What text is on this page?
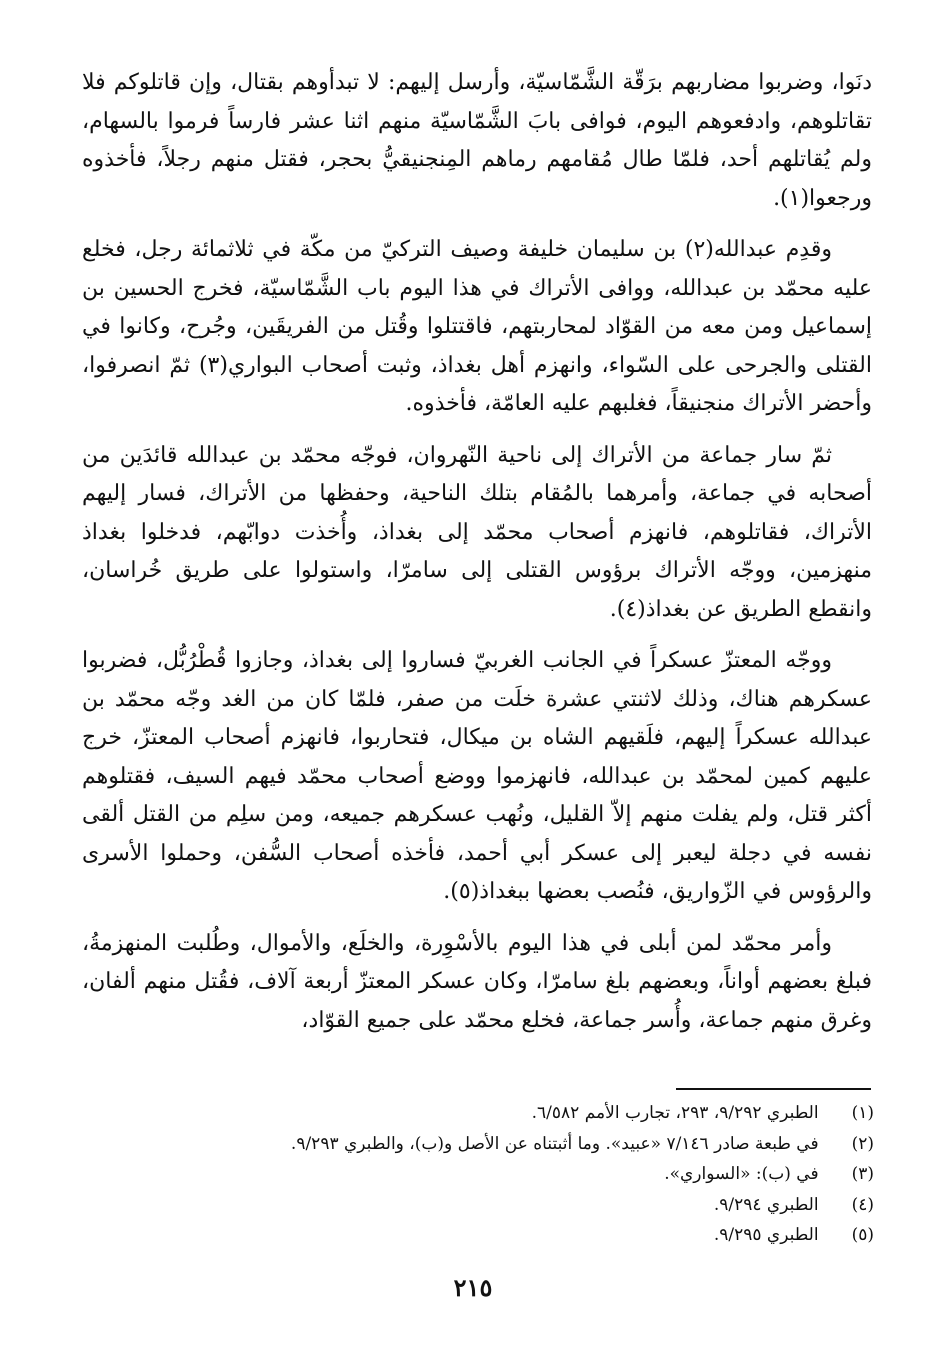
دنَوا، وضربوا مضاربهم برَقّة الشَّمّاسيّة، وأرسل إليهم: لا تبدأوهم بقتال، وإن قاتلوكم فلا تقاتلوهم، وادفعوهم اليوم، فوافى بابَ الشَّمّاسيّة منهم اثنا عشر فارساً فرموا بالسهام، ولم يُقاتلهم أحد، فلمّا طال مُقامهم رماهم المِنجنيقيُّ بحجر، فقتل منهم رجلاً، فأخذوه ورجعوا(١).

وقدِم عبدالله(٢) بن سليمان خليفة وصيف التركيّ من مكّة في ثلاثمائة رجل، فخلع عليه محمّد بن عبدالله، ووافى الأتراك في هذا اليوم باب الشَّمّاسيّة، فخرج الحسين بن إسماعيل ومن معه من القوّاد لمحاربتهم، فاقتتلوا وقُتل من الفريقَين، وجُرح، وكانوا في القتلى والجرحى على السّواء، وانهزم أهل بغداذ، وثبت أصحاب البواري(٣) ثمّ انصرفوا، وأحضر الأتراك منجنيقاً، فغلبهم عليه العامّة، فأخذوه.

ثمّ سار جماعة من الأتراك إلى ناحية النّهروان، فوجّه محمّد بن عبدالله قائدَين من أصحابه في جماعة، وأمرهما بالمُقام بتلك الناحية، وحفظها من الأتراك، فسار إليهم الأتراك، فقاتلوهم، فانهزم أصحاب محمّد إلى بغداذ، وأُخذت دوابّهم، فدخلوا بغداذ منهزمين، ووجّه الأتراك برؤوس القتلى إلى سامرّا، واستولوا على طريق خُراسان، وانقطع الطريق عن بغداذ(٤).

ووجّه المعتزّ عسكراً في الجانب الغربيّ فساروا إلى بغداذ، وجازوا قُطْرُبُّل، فضربوا عسكرهم هناك، وذلك لاثنتي عشرة خلَت من صفر، فلمّا كان من الغد وجّه محمّد بن عبدالله عسكراً إليهم، فلَقيهم الشاه بن ميكال، فتحاربوا، فانهزم أصحاب المعتزّ، خرج عليهم كمين لمحمّد بن عبدالله، فانهزموا ووضع أصحاب محمّد فيهم السيف، فقتلوهم أكثر قتل، ولم يفلت منهم إلاّ القليل، ونُهب عسكرهم جميعه، ومن سلِم من القتل ألقى نفسه في دجلة ليعبر إلى عسكر أبي أحمد، فأخذه أصحاب السُّفن، وحملوا الأسرى والرؤوس في الزّواريق، فنُصب بعضها ببغداذ(٥).

وأمر محمّد لمن أبلى في هذا اليوم بالأسْوِرة، والخلَع، والأموال، وطُلبت المنهزمةُ، فبلغ بعضهم أواناً، وبعضهم بلغ سامرّا، وكان عسكر المعتزّ أربعة آلاف، فقُتل منهم ألفان، وغرق منهم جماعة، وأُسر جماعة، فخلع محمّد على جميع القوّاد،

(١) الطبري ٩/٢٩٢، ٢٩٣، تجارب الأمم ٦/٥٨٢.
(٢) في طبعة صادر ٧/١٤٦ «عبيد». وما أثبتناه عن الأصل و(ب)، والطبري ٩/٢٩٣.
(٣) في (ب): «السواري».
(٤) الطبري ٩/٢٩٤.
(٥) الطبري ٩/٢٩٥.
٢١٥
